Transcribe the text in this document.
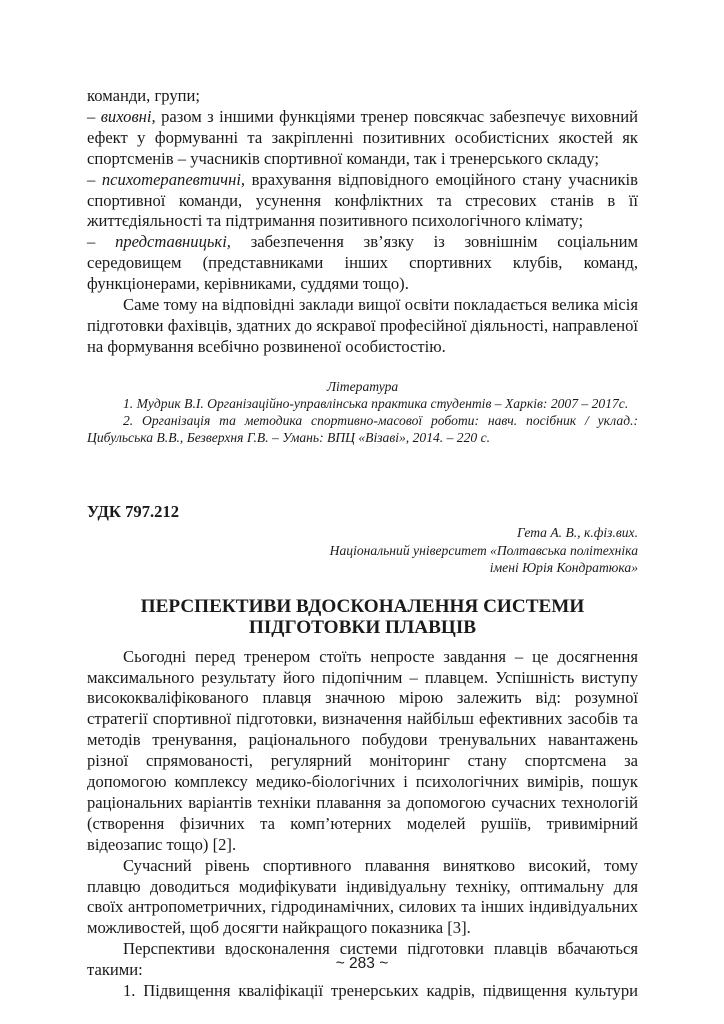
команди, групи;

– виховні, разом з іншими функціями тренер повсякчас забезпечує виховний ефект у формуванні та закріпленні позитивних особистісних якостей як спортсменів – учасників спортивної команди, так і тренерського складу;

– психотерапевтичні, врахування відповідного емоційного стану учасників спортивної команди, усунення конфліктних та стресових станів в її життєдіяльності та підтримання позитивного психологічного клімату;

– представницькі, забезпечення зв’язку із зовнішнім соціальним середовищем (представниками інших спортивних клубів, команд, функціонерами, керівниками, суддями тощо).

Саме тому на відповідні заклади вищої освіти покладається велика місія підготовки фахівців, здатних до яскравої професійної діяльності, направленої на формування всебічно розвиненої особистостію.

Література

1. Мудрик В.І. Організаційно-управлінська практика студентів – Харків: 2007 – 2017с.

2. Організація та методика спортивно-масової роботи: навч. посібник / уклад.: Цибульська В.В., Безверхня Г.В. – Умань: ВПЦ «Візаві», 2014. – 220 с.

УДК 797.212

Гета А. В., к.фіз.вих.

Національний університет «Полтавська політехніка

імені Юрія Кондратюка»

ПЕРСПЕКТИВИ ВДОСКОНАЛЕННЯ СИСТЕМИ

ПІДГОТОВКИ ПЛАВЦІВ

Сьогодні перед тренером стоїть непросте завдання – це досягнення максимального результату його підопічним – плавцем. Успішність виступу висококваліфікованого плавця значною мірою залежить від: розумної стратегії спортивної підготовки, визначення найбільш ефективних засобів та методів тренування, раціонального побудови тренувальних навантажень різної спрямованості, регулярний моніторинг стану спортсмена за допомогою комплексу медико-біологічних і психологічних вимірів, пошук раціональних варіантів техніки плавання за допомогою сучасних технологій (створення фізичних та комп’ютерних моделей рушіїв, тривимірний відеозапис тощо) [2].

Сучасний рівень спортивного плавання винятково високий, тому плавцю доводиться модифікувати індивідуальну техніку, оптимальну для своїх антропометричних, гідродинамічних, силових та інших індивідуальних можливостей, щоб досягти найкращого показника [3].

Перспективи вдосконалення системи підготовки плавців вбачаються такими:

1. Підвищення кваліфікації тренерських кадрів, підвищення культури

~ 283 ~
